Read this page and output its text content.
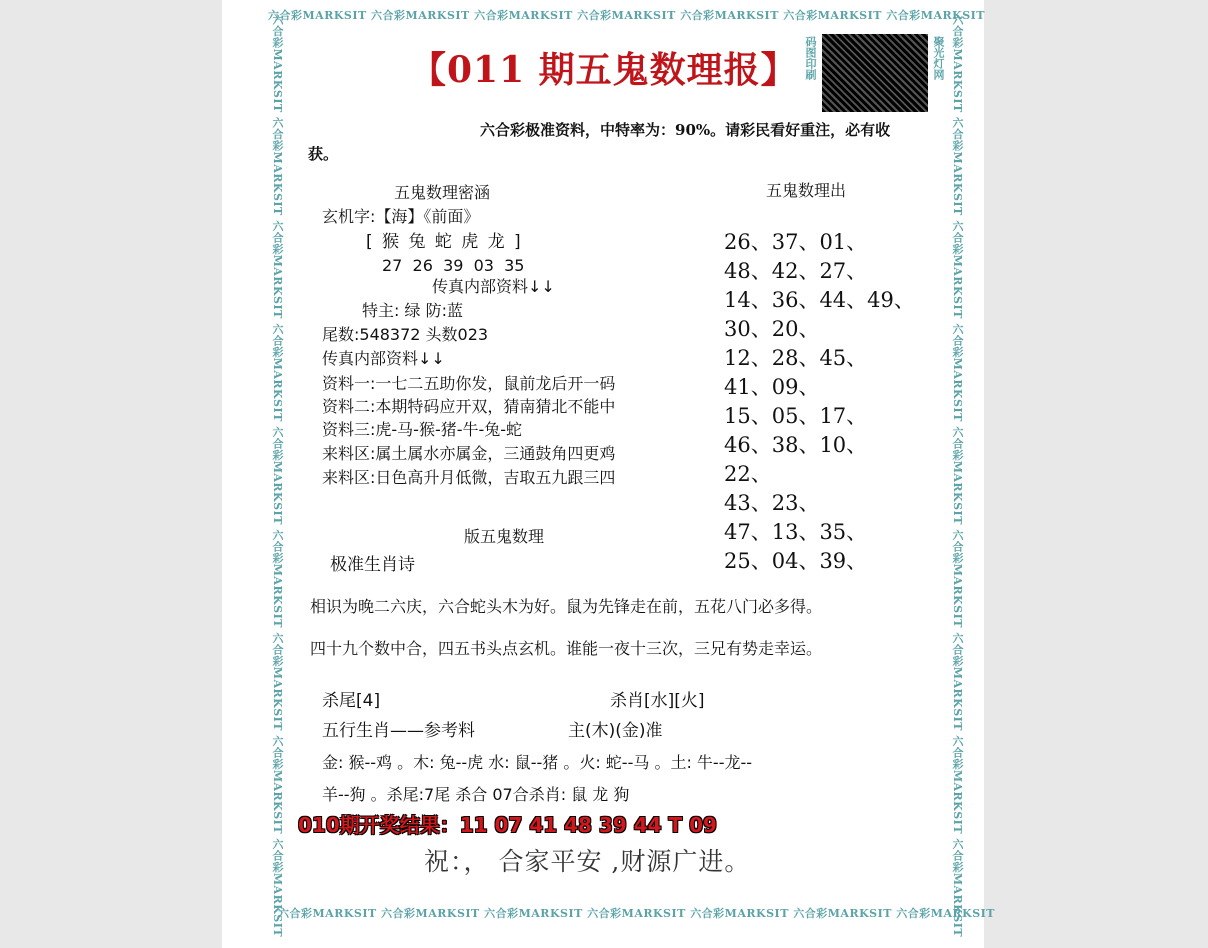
六合彩MARKSIT 六合彩MARKSIT 六合彩MARKSIT 六合彩MARKSIT 六合彩MARKSIT 六合彩MARKSIT 六合彩MARKSIT
六合彩MARKSIT 六合彩MARKSIT 六合彩MARKSIT 六合彩MARKSIT 六合彩MARKSIT 六合彩MARKSIT 六合彩MARKSIT
六合彩MARKSIT 六合彩MARKSIT 六合彩MARKSIT 六合彩MARKSIT 六合彩MARKSIT 六合彩MARKSIT 六合彩MARKSIT 六合彩MARKSIT 六合彩MARKSIT
六合彩MARKSIT 六合彩MARKSIT 六合彩MARKSIT 六合彩MARKSIT 六合彩MARKSIT 六合彩MARKSIT 六合彩MARKSIT 六合彩MARKSIT 六合彩MARKSIT
【011 期五鬼数理报】 码图印刷	聚光灯网
六合彩极准资料，中特率为：90%。请彩民看好重注，必有收
获。
五鬼数理密涵
玄机字:【海】《前面》
[ 猴 兔 蛇 虎 龙 ]
27  26  39  03  35
传真内部资料↓↓
特主: 绿 防:蓝
尾数:548372 头数023
传真内部资料↓↓
资料一:一七二五助你发，鼠前龙后开一码
资料二:本期特码应开双，猜南猜北不能中
资料三:虎-马-猴-猪-牛-兔-蛇
来料区:属土属水亦属金，三通鼓角四更鸡
来料区:日色高升月低微，吉取五九跟三四
版五鬼数理
极准生肖诗
五鬼数理出
26、37、01、
48、42、27、
14、36、44、49、
30、20、
12、28、45、
41、09、
15、05、17、
46、38、10、
22、
43、23、
47、13、35、
25、04、39、
相识为晚二六庆，六合蛇头木为好。鼠为先锋走在前，五花八门必多得。
四十九个数中合，四五书头点玄机。谁能一夜十三次，三兄有势走幸运。
杀尾[4]	杀肖[水][火]
五行生肖——参考料	主(木)(金)准
金: 猴--鸡 。木: 兔--虎 水: 鼠--猪 。火: 蛇--马 。土: 牛--龙--
羊--狗 。杀尾:7尾 杀合 07合杀肖: 鼠 龙 狗
010期开奖结果：11 07 41 48 39 44 T 09
祝：， 合家平安 ,财源广进。
